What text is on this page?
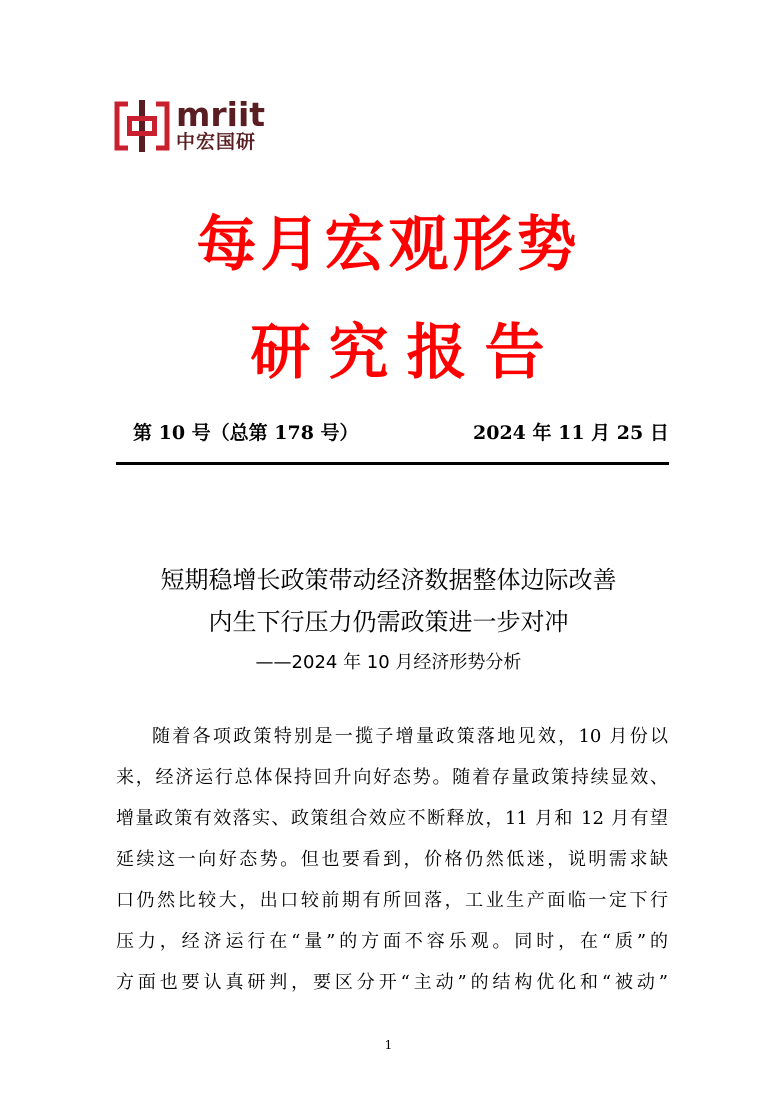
mriit
中宏国研
每月宏观形势
研究报告
第 10 号（总第 178 号）	2024 年 11 月 25 日
短期稳增长政策带动经济数据整体边际改善
内生下行压力仍需政策进一步对冲
——2024 年 10 月经济形势分析
随着各项政策特别是一揽子增量政策落地见效，10 月份以
来，经济运行总体保持回升向好态势。随着存量政策持续显效、
增量政策有效落实、政策组合效应不断释放，11 月和 12 月有望
延续这一向好态势。但也要看到，价格仍然低迷，说明需求缺
口仍然比较大，出口较前期有所回落，工业生产面临一定下行
压力，经济运行在“量”的方面不容乐观。同时，在“质”的
方面也要认真研判，要区分开“主动”的结构优化和“被动”
1
